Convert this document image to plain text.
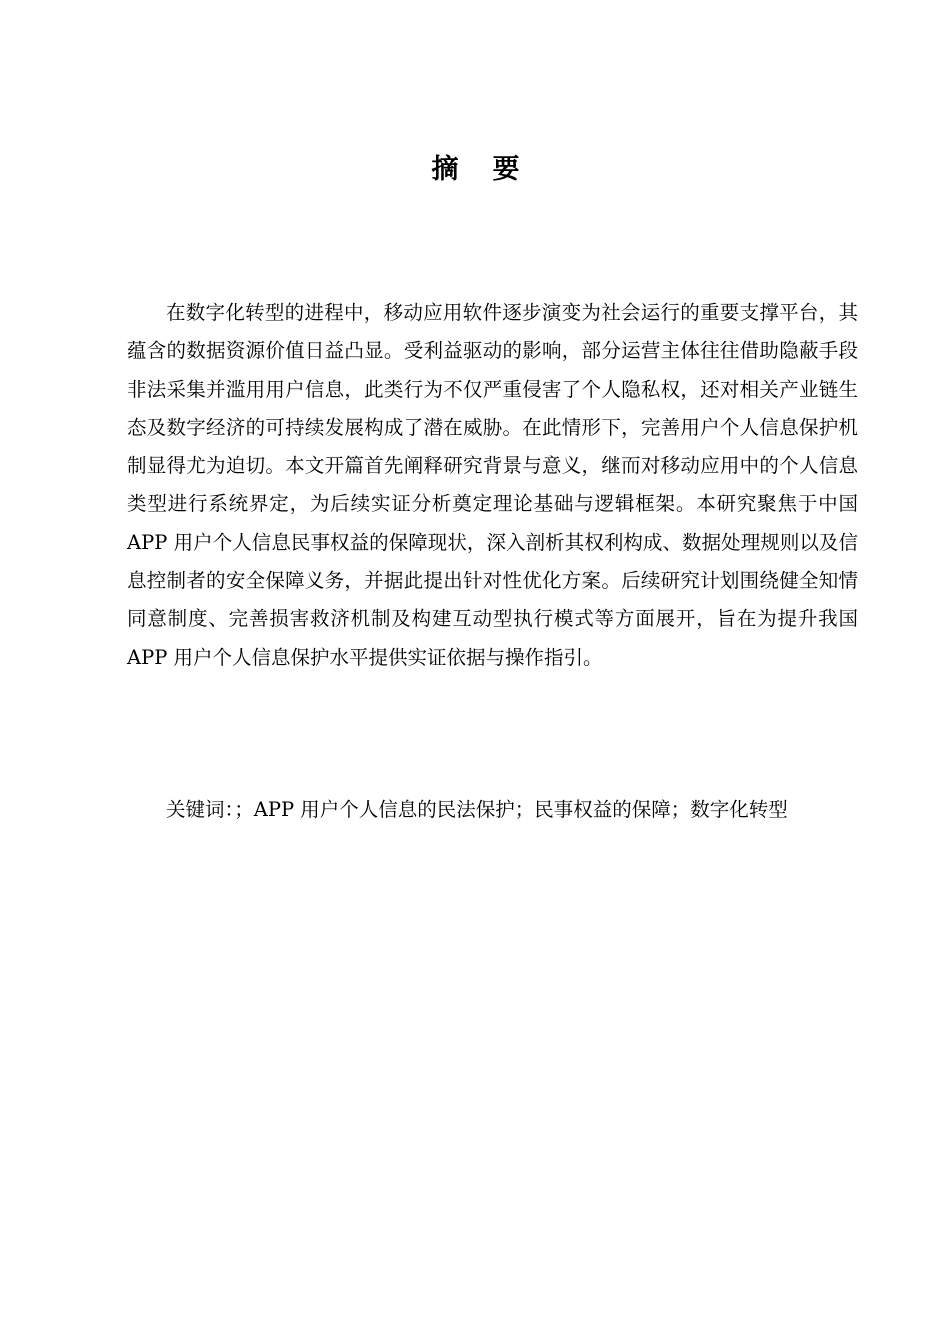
摘要

在数字化转型的进程中，移动应用软件逐步演变为社会运行的重要支撑平台，其蕴含的数据资源价值日益凸显。受利益驱动的影响，部分运营主体往往借助隐蔽手段非法采集并滥用用户信息，此类行为不仅严重侵害了个人隐私权，还对相关产业链生态及数字经济的可持续发展构成了潜在威胁。在此情形下，完善用户个人信息保护机制显得尤为迫切。本文开篇首先阐释研究背景与意义，继而对移动应用中的个人信息类型进行系统界定，为后续实证分析奠定理论基础与逻辑框架。本研究聚焦于中国 APP 用户个人信息民事权益的保障现状，深入剖析其权利构成、数据处理规则以及信息控制者的安全保障义务，并据此提出针对性优化方案。后续研究计划围绕健全知情同意制度、完善损害救济机制及构建互动型执行模式等方面展开，旨在为提升我国 APP 用户个人信息保护水平提供实证依据与操作指引。

关键词：；APP 用户个人信息的民法保护；民事权益的保障；数字化转型
